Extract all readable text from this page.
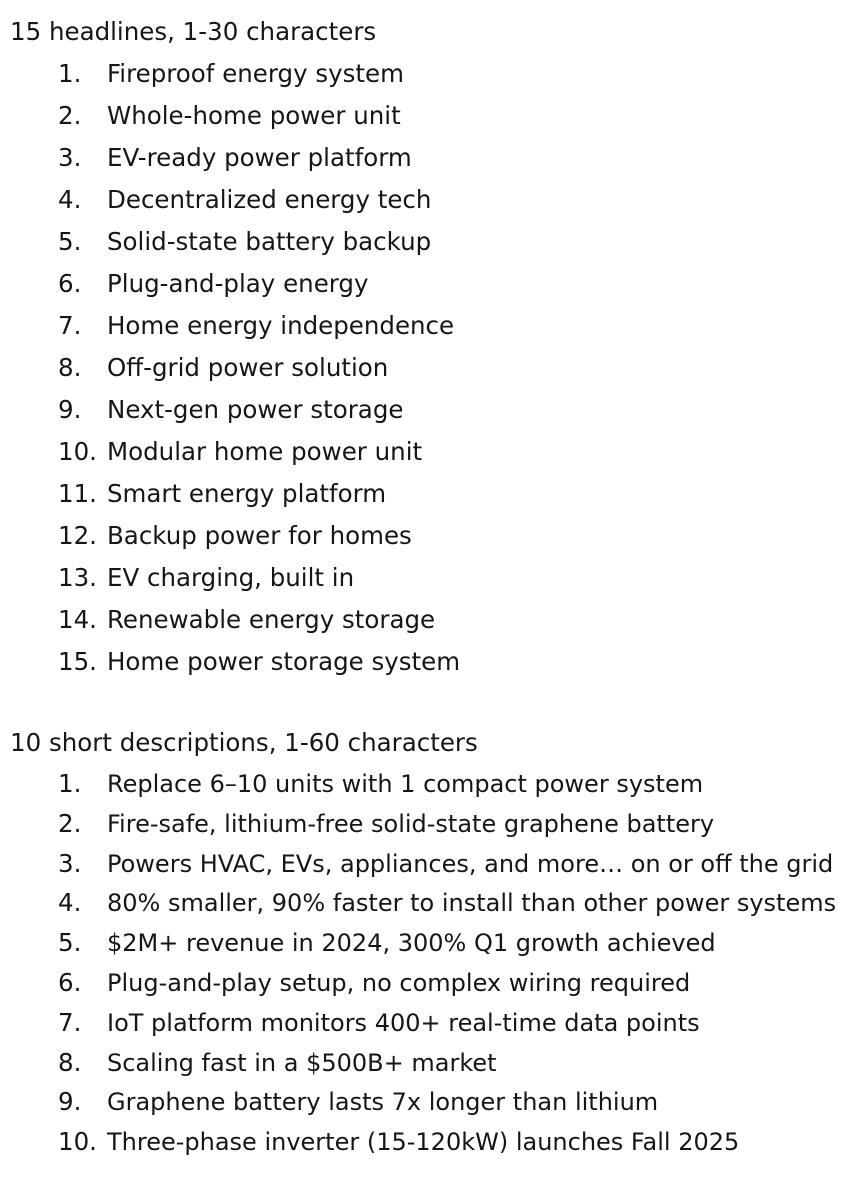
15 headlines, 1-30 characters
1. Fireproof energy system
2. Whole-home power unit
3. EV-ready power platform
4. Decentralized energy tech
5. Solid-state battery backup
6. Plug-and-play energy
7. Home energy independence
8. Off-grid power solution
9. Next-gen power storage
10. Modular home power unit
11. Smart energy platform
12. Backup power for homes
13. EV charging, built in
14. Renewable energy storage
15. Home power storage system
10 short descriptions, 1-60 characters
1. Replace 6–10 units with 1 compact power system
2. Fire-safe, lithium-free solid-state graphene battery
3. Powers HVAC, EVs, appliances, and more… on or off the grid
4. 80% smaller, 90% faster to install than other power systems
5. $2M+ revenue in 2024, 300% Q1 growth achieved
6. Plug-and-play setup, no complex wiring required
7. IoT platform monitors 400+ real-time data points
8. Scaling fast in a $500B+ market
9. Graphene battery lasts 7x longer than lithium
10. Three-phase inverter (15-120kW) launches Fall 2025
